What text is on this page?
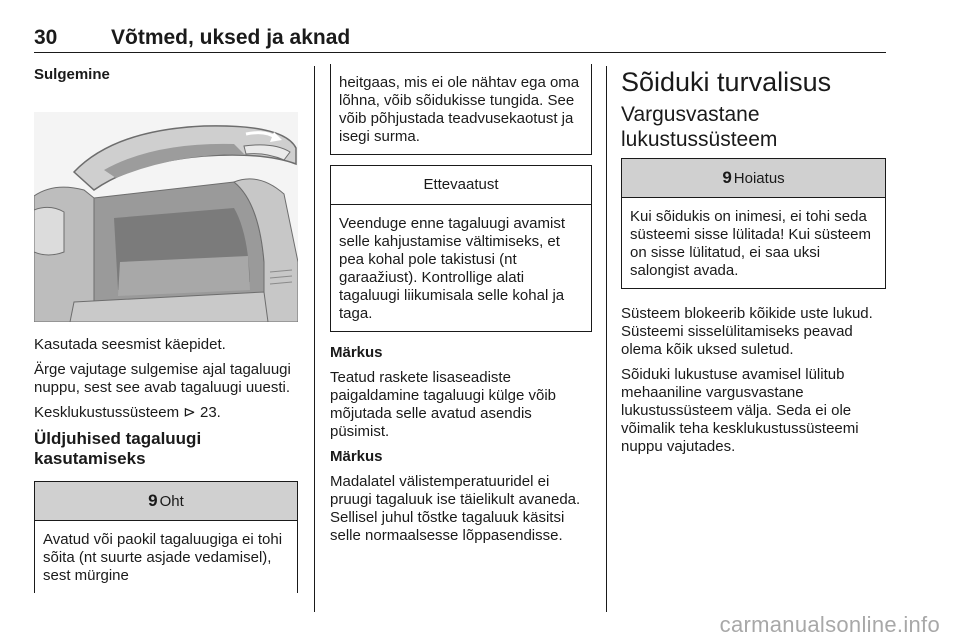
30	Võtmed, uksed ja aknad
Sulgemine

Kasutada seesmist käepidet.

Ärge vajutage sulgemise ajal tagaluugi nuppu, sest see avab tagaluugi uuesti.

Kesklukustussüsteem ⊳ 23.

Üldjuhised tagaluugi kasutamiseks
9 Oht
Avatud või paokil tagaluugiga ei tohi sõita (nt suurte asjade vedamisel), sest mürgine
heitgaas, mis ei ole nähtav ega oma lõhna, võib sõidukisse tungida. See võib põhjustada teadvusekaotust ja isegi surma.
Ettevaatust
Veenduge enne tagaluugi avamist selle kahjustamise vältimiseks, et pea kohal pole takistusi (nt garaažiust). Kontrollige alati tagaluugi liikumisala selle kohal ja taga.

Märkus

Teatud raskete lisaseadiste paigaldamine tagaluugi külge võib mõjutada selle avatud asendis püsimist.

Märkus

Madalatel välistemperatuuridel ei pruugi tagaluuk ise täielikult avaneda. Sellisel juhul tõstke tagaluuk käsitsi selle normaalsesse lõppasendisse.

Sõiduki turvalisus
Vargusvastane lukustussüsteem
9 Hoiatus
Kui sõidukis on inimesi, ei tohi seda süsteemi sisse lülitada! Kui süsteem on sisse lülitatud, ei saa uksi salongist avada.

Süsteem blokeerib kõikide uste lukud. Süsteemi sisselülitamiseks peavad olema kõik uksed suletud.

Sõiduki lukustuse avamisel lülitub mehaaniline vargusvastane lukustussüsteem välja. Seda ei ole võimalik teha kesklukustussüsteemi nuppu vajutades.

carmanualsonline.info
